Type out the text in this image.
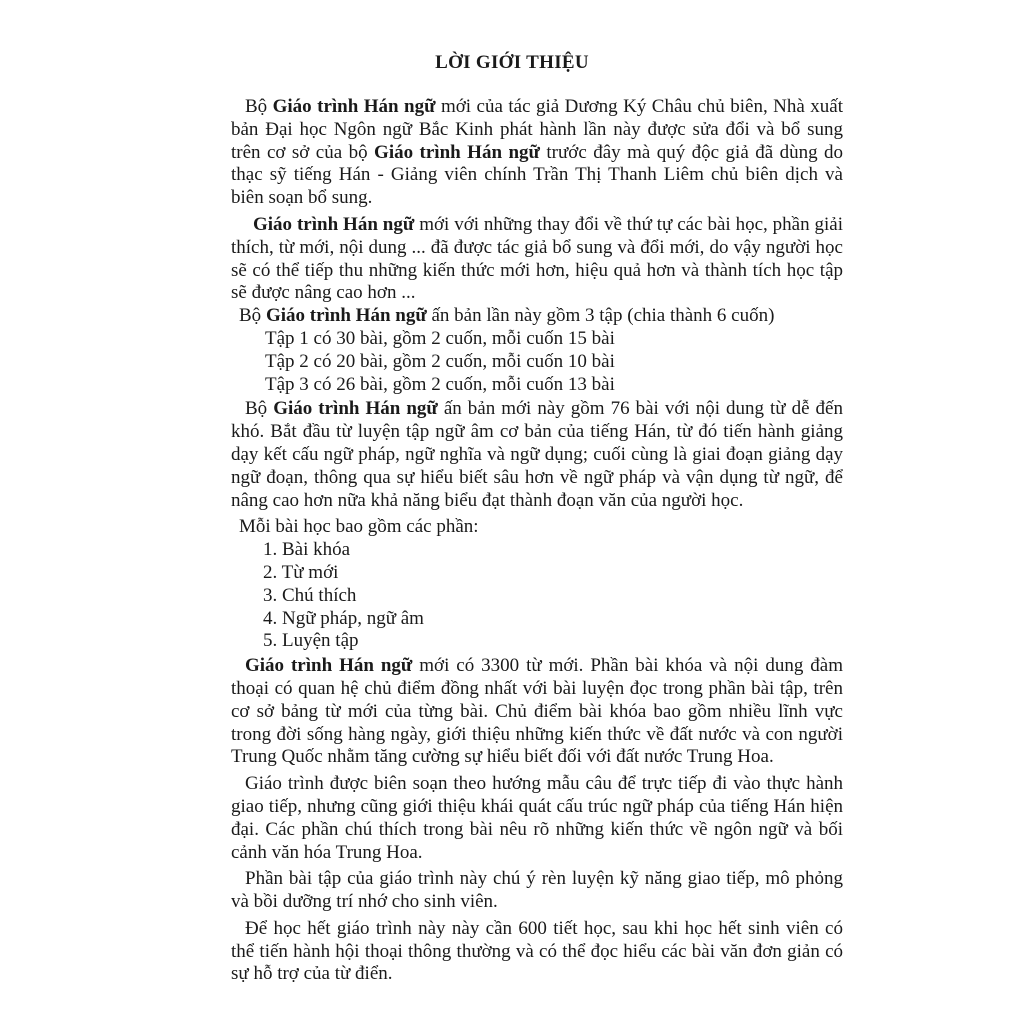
LỜI GIỚI THIỆU

Bộ Giáo trình Hán ngữ mới của tác giả Dương Ký Châu chủ biên, Nhà xuất bản Đại học Ngôn ngữ Bắc Kinh phát hành lần này được sửa đổi và bổ sung trên cơ sở của bộ Giáo trình Hán ngữ trước đây mà quý độc giả đã dùng do thạc sỹ tiếng Hán - Giảng viên chính Trần Thị Thanh Liêm chủ biên dịch và biên soạn bổ sung.

Giáo trình Hán ngữ mới với những thay đổi về thứ tự các bài học, phần giải thích, từ mới, nội dung ... đã được tác giả bổ sung và đổi mới, do vậy người học sẽ có thể tiếp thu những kiến thức mới hơn, hiệu quả hơn và thành tích học tập sẽ được nâng cao hơn ...

Bộ Giáo trình Hán ngữ ấn bản lần này gồm 3 tập (chia thành 6 cuốn)

Tập 1 có 30 bài, gồm 2 cuốn, mỗi cuốn 15 bài

Tập 2 có 20 bài, gồm 2 cuốn, mỗi cuốn 10 bài

Tập 3 có 26 bài, gồm 2 cuốn, mỗi cuốn 13 bài

Bộ Giáo trình Hán ngữ ấn bản mới này gồm 76 bài với nội dung từ dễ đến khó. Bắt đầu từ luyện tập ngữ âm cơ bản của tiếng Hán, từ đó tiến hành giảng dạy kết cấu ngữ pháp, ngữ nghĩa và ngữ dụng; cuối cùng là giai đoạn giảng dạy ngữ đoạn, thông qua sự hiểu biết sâu hơn về ngữ pháp và vận dụng từ ngữ, để nâng cao hơn nữa khả năng biểu đạt thành đoạn văn của người học.

Mỗi bài học bao gồm các phần:

1. Bài khóa

2. Từ mới

3. Chú thích

4. Ngữ pháp, ngữ âm

5. Luyện tập

Giáo trình Hán ngữ mới có 3300 từ mới. Phần bài khóa và nội dung đàm thoại có quan hệ chủ điểm đồng nhất với bài luyện đọc trong phần bài tập, trên cơ sở bảng từ mới của từng bài. Chủ điểm bài khóa bao gồm nhiều lĩnh vực trong đời sống hàng ngày, giới thiệu những kiến thức về đất nước và con người Trung Quốc nhằm tăng cường sự hiểu biết đối với đất nước Trung Hoa.

Giáo trình được biên soạn theo hướng mẫu câu để trực tiếp đi vào thực hành giao tiếp, nhưng cũng giới thiệu khái quát cấu trúc ngữ pháp của tiếng Hán hiện đại. Các phần chú thích trong bài nêu rõ những kiến thức về ngôn ngữ và bối cảnh văn hóa Trung Hoa.

Phần bài tập của giáo trình này chú ý rèn luyện kỹ năng giao tiếp, mô phỏng và bồi dưỡng trí nhớ cho sinh viên.

Để học hết giáo trình này này cần 600 tiết học, sau khi học hết sinh viên có thể tiến hành hội thoại thông thường và có thể đọc hiểu các bài văn đơn giản có sự hỗ trợ của từ điển.
